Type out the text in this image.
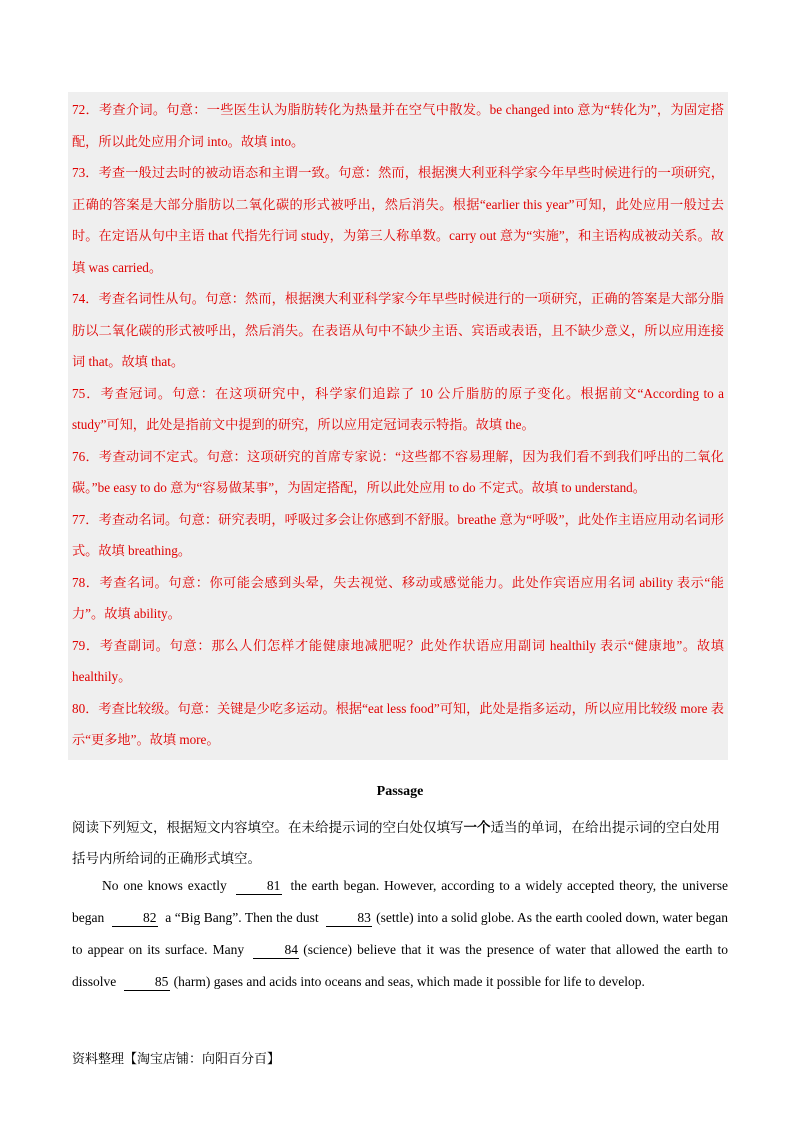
72．考查介词。句意：一些医生认为脂肪转化为热量并在空气中散发。be changed into 意为“转化为”，为固定搭配，所以此处应用介词 into。故填 into。

73．考查一般过去时的被动语态和主谓一致。句意：然而，根据澳大利亚科学家今年早些时候进行的一项研究，正确的答案是大部分脂肪以二氧化碳的形式被呼出，然后消失。根据“earlier this year”可知，此处应用一般过去时。在定语从句中主语 that 代指先行词 study，为第三人称单数。carry out 意为“实施”，和主语构成被动关系。故填 was carried。

74．考查名词性从句。句意：然而，根据澳大利亚科学家今年早些时候进行的一项研究，正确的答案是大部分脂肪以二氧化碳的形式被呼出，然后消失。在表语从句中不缺少主语、宾语或表语，且不缺少意义，所以应用连接词 that。故填 that。

75．考查冠词。句意：在这项研究中，科学家们追踪了 10 公斤脂肪的原子变化。根据前文“According to a study”可知，此处是指前文中提到的研究，所以应用定冠词表示特指。故填 the。

76．考查动词不定式。句意：这项研究的首席专家说：“这些都不容易理解，因为我们看不到我们呼出的二氧化碳。”be easy to do 意为“容易做某事”，为固定搭配，所以此处应用 to do 不定式。故填 to understand。

77．考查动名词。句意：研究表明，呼吸过多会让你感到不舒服。breathe 意为“呼吸”，此处作主语应用动名词形式。故填 breathing。

78．考查名词。句意：你可能会感到头晕，失去视觉、移动或感觉能力。此处作宾语应用名词 ability 表示“能力”。故填 ability。

79．考查副词。句意：那么人们怎样才能健康地减肥呢？此处作状语应用副词 healthily 表示“健康地”。故填 healthily。

80．考查比较级。句意：关键是少吃多运动。根据“eat less food”可知，此处是指多运动，所以应用比较级 more 表示“更多地”。故填 more。

Passage
阅读下列短文，根据短文内容填空。在未给提示词的空白处仅填写一个适当的单词，在给出提示词的空白处用括号内所给词的正确形式填空。

No one knows exactly	81 the earth began. However, according to a widely accepted theory, the universe began	82 a “Big Bang”. Then the dust	83 (settle) into a solid globe. As the earth cooled down, water began to appear on its surface. Many	84 (science) believe that it was the presence of water that allowed the earth to dissolve	85 (harm) gases and acids into oceans and seas, which made it possible for life to develop.

资料整理【淘宝店铺：向阳百分百】
